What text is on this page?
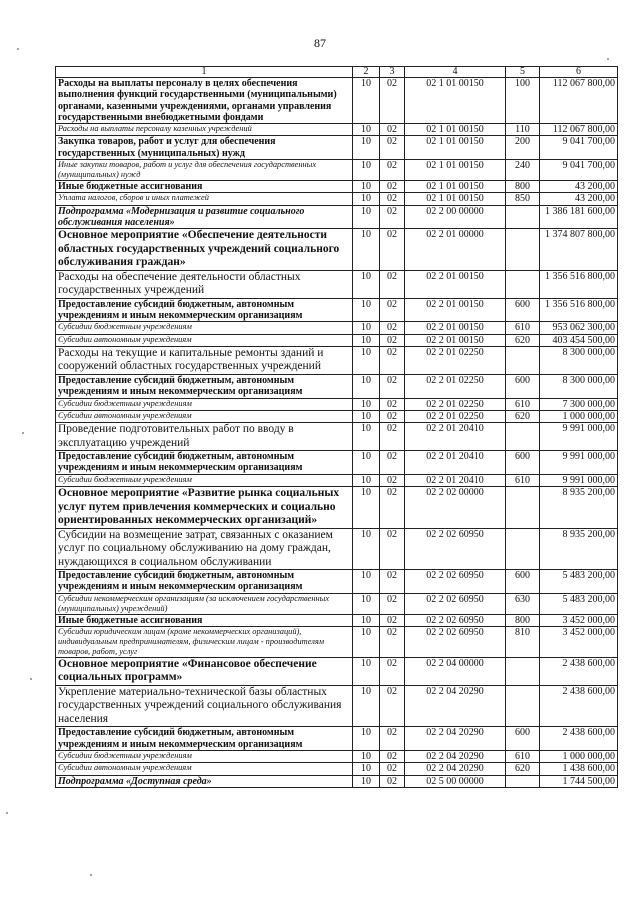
87
1	2	3	4	5	6
Расходы на выплаты персоналу в целях обеспечения выполнения функций государственными (муниципальными) органами, казенными учреждениями, органами управления государственными внебюджетными фондами	10	02	02 1 01 00150	100	112 067 800,00
Расходы на выплаты персоналу казенных учреждений	10	02	02 1 01 00150	110	112 067 800,00
Закупка товаров, работ и услуг для обеспечения государственных (муниципальных) нужд	10	02	02 1 01 00150	200	9 041 700,00
Иные закупки товаров, работ и услуг для обеспечения государственных (муниципальных) нужд	10	02	02 1 01 00150	240	9 041 700,00
Иные бюджетные ассигнования	10	02	02 1 01 00150	800	43 200,00
Уплата налогов, сборов и иных платежей	10	02	02 1 01 00150	850	43 200,00
Подпрограмма «Модернизация и развитие социального обслуживания населения»	10	02	02 2 00 00000		1 386 181 600,00
Основное мероприятие «Обеспечение деятельности областных государственных учреждений социального обслуживания граждан»	10	02	02 2 01 00000		1 374 807 800,00
Расходы на обеспечение деятельности областных государственных учреждений	10	02	02 2 01 00150		1 356 516 800,00
Предоставление субсидий бюджетным, автономным учреждениям и иным некоммерческим организациям	10	02	02 2 01 00150	600	1 356 516 800,00
Субсидии бюджетным учреждениям	10	02	02 2 01 00150	610	953 062 300,00
Субсидии автономным учреждениям	10	02	02 2 01 00150	620	403 454 500,00
Расходы на текущие и капитальные ремонты зданий и сооружений областных государственных учреждений	10	02	02 2 01 02250		8 300 000,00
Предоставление субсидий бюджетным, автономным учреждениям и иным некоммерческим организациям	10	02	02 2 01 02250	600	8 300 000,00
Субсидии бюджетным учреждениям	10	02	02 2 01 02250	610	7 300 000,00
Субсидии автономным учреждениям	10	02	02 2 01 02250	620	1 000 000,00
Проведение подготовительных работ по вводу в эксплуатацию учреждений	10	02	02 2 01 20410		9 991 000,00
Предоставление субсидий бюджетным, автономным учреждениям и иным некоммерческим организациям	10	02	02 2 01 20410	600	9 991 000,00
Субсидии бюджетным учреждениям	10	02	02 2 01 20410	610	9 991 000,00
Основное мероприятие «Развитие рынка социальных услуг путем привлечения коммерческих и социально ориентированных некоммерческих организаций»	10	02	02 2 02 00000		8 935 200,00
Субсидии на возмещение затрат, связанных с оказанием услуг по социальному обслуживанию на дому граждан, нуждающихся в социальном обслуживании	10	02	02 2 02 60950		8 935 200,00
Предоставление субсидий бюджетным, автономным учреждениям и иным некоммерческим организациям	10	02	02 2 02 60950	600	5 483 200,00
Субсидии некоммерческим организациям (за исключением государственных (муниципальных) учреждений)	10	02	02 2 02 60950	630	5 483 200,00
Иные бюджетные ассигнования	10	02	02 2 02 60950	800	3 452 000,00
Субсидии юридическим лицам (кроме некоммерческих организаций), индивидуальным предпринимателям, физическим лицам - производителям товаров, работ, услуг	10	02	02 2 02 60950	810	3 452 000,00
Основное мероприятие «Финансовое обеспечение социальных программ»	10	02	02 2 04 00000		2 438 600,00
Укрепление материально-технической базы областных государственных учреждений социального обслуживания населения	10	02	02 2 04 20290		2 438 600,00
Предоставление субсидий бюджетным, автономным учреждениям и иным некоммерческим организациям	10	02	02 2 04 20290	600	2 438 600,00
Субсидии бюджетным учреждениям	10	02	02 2 04 20290	610	1 000 000,00
Субсидии автономным учреждениям	10	02	02 2 04 20290	620	1 438 600,00
Подпрограмма «Доступная среда»	10	02	02 5 00 00000		1 744 500,00
